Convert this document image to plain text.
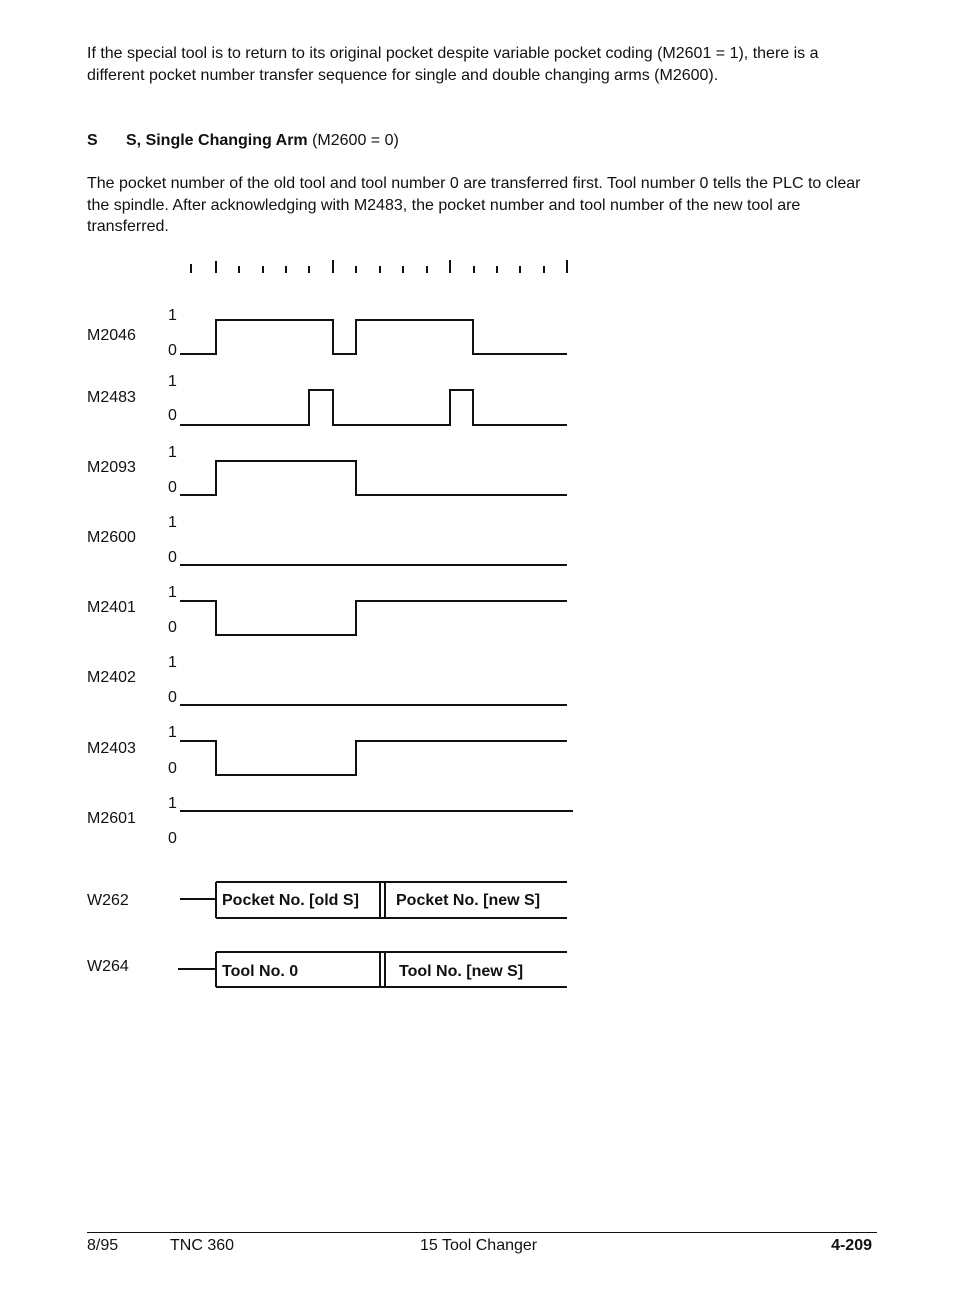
If the special tool is to return to its original pocket despite variable pocket coding (M2601 = 1), there is a different pocket number transfer sequence for single and double changing arms (M2600).

S S, Single Changing Arm (M2600 = 0)

The pocket number of the old tool and tool number 0 are transferred first. Tool number 0 tells the PLC to clear the spindle. After acknowledging with M2483, the pocket number and tool number of the new tool are transferred.

M2046
M2483
M2093
M2600
M2401
M2402
M2403
M2601
W262
W264
1
0
1
0
1
0
1
0
1
0
1
0
1
0
1
0
Pocket No. [old S] Pocket No. [new S]
Tool No. 0	Tool No. [new S]
8/95	TNC 360	15 Tool Changer	4-209
